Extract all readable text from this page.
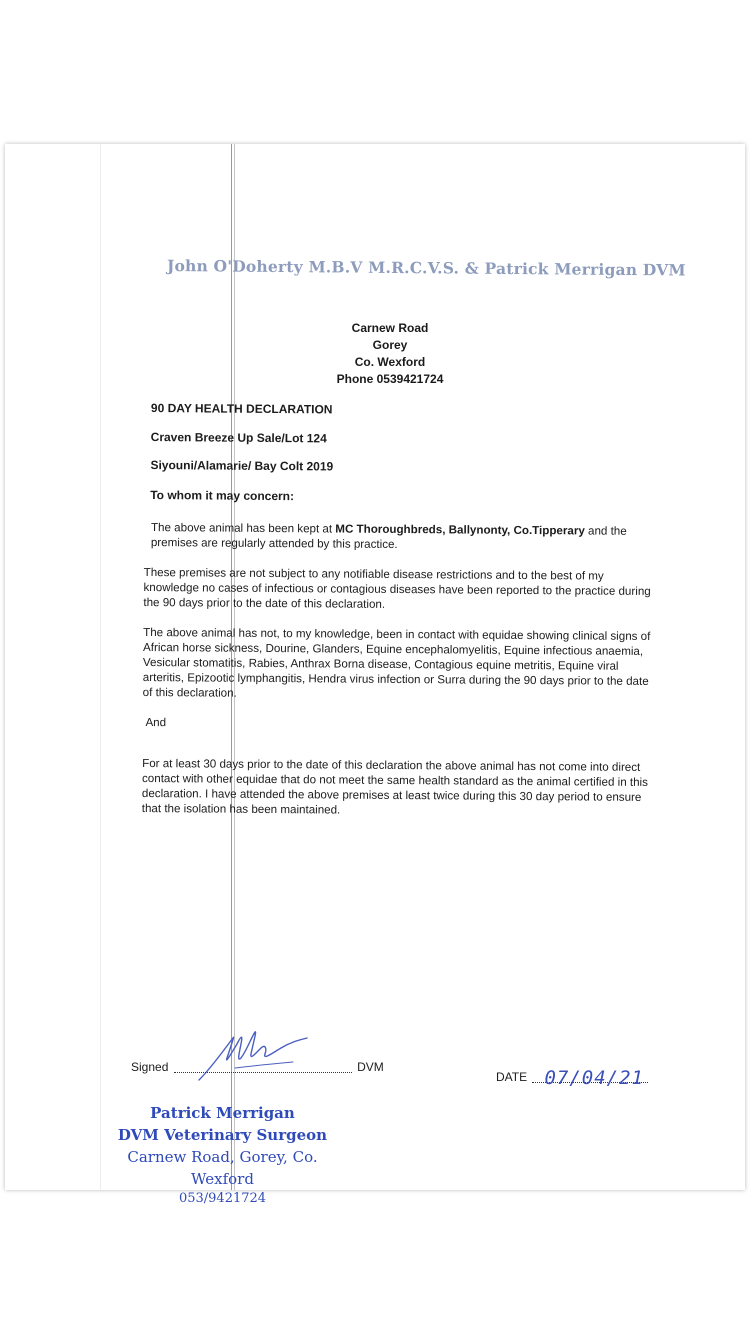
John O'Doherty M.B.V M.R.C.V.S. & Patrick Merrigan DVM
Carnew Road
Gorey
Co. Wexford
Phone 0539421724
90 DAY HEALTH DECLARATION
Craven Breeze Up Sale/Lot 124
Siyouni/Alamarie/ Bay Colt 2019
To whom it may concern:

The above animal has been kept at MC Thoroughbreds, Ballynonty, Co.Tipperary and the premises are regularly attended by this practice.

These premises are not subject to any notifiable disease restrictions and to the best of my knowledge no cases of infectious or contagious diseases have been reported to the practice during the 90 days prior to the date of this declaration.

The above animal has not, to my knowledge, been in contact with equidae showing clinical signs of African horse sickness, Dourine, Glanders, Equine encephalomyelitis, Equine infectious anaemia, Vesicular stomatitis, Rabies, Anthrax Borna disease, Contagious equine metritis, Equine viral arteritis, Epizootic lymphangitis, Hendra virus infection or Surra during the 90 days prior to the date of this declaration.

And

For at least 30 days prior to the date of this declaration the above animal has not come into direct contact with other equidae that do not meet the same health standard as the animal certified in this declaration. I have attended the above premises at least twice during this 30 day period to ensure that the isolation has been maintained.

Signed	DVM
DATE 07/04/21
Patrick Merrigan
DVM Veterinary Surgeon
Carnew Road, Gorey, Co. Wexford
053/9421724
